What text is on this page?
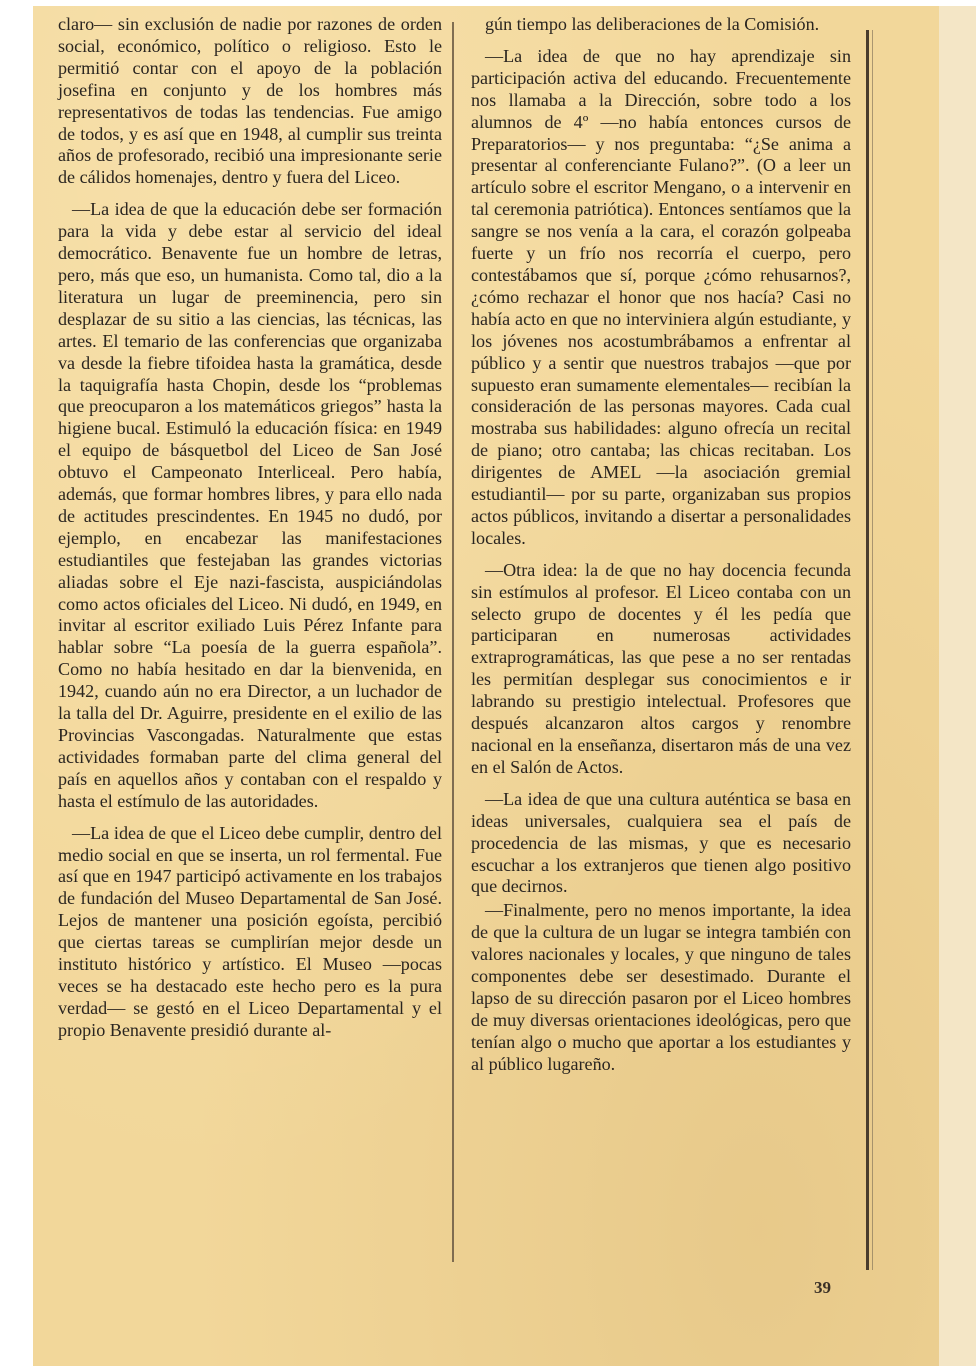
claro— sin exclusión de nadie por razones de orden social, económico, político o religioso. Esto le permitió contar con el apoyo de la población josefina en conjunto y de los hombres más representativos de todas las tendencias. Fue amigo de todos, y es así que en 1948, al cumplir sus treinta años de profesorado, recibió una impresionante serie de cálidos homenajes, dentro y fuera del Liceo.

—La idea de que la educación debe ser formación para la vida y debe estar al servicio del ideal democrático. Benavente fue un hombre de letras, pero, más que eso, un humanista. Como tal, dio a la literatura un lugar de preeminencia, pero sin desplazar de su sitio a las ciencias, las técnicas, las artes. El temario de las conferencias que organizaba va desde la fiebre tifoidea hasta la gramática, desde la taquigrafía hasta Chopin, desde los “problemas que preocuparon a los matemáticos griegos” hasta la higiene bucal. Estimuló la educación física: en 1949 el equipo de básquetbol del Liceo de San José obtuvo el Campeonato Interliceal. Pero había, además, que formar hombres libres, y para ello nada de actitudes prescindentes. En 1945 no dudó, por ejemplo, en encabezar las manifestaciones estudiantiles que festejaban las grandes victorias aliadas sobre el Eje nazi-fascista, auspiciándolas como actos oficiales del Liceo. Ni dudó, en 1949, en invitar al escritor exiliado Luis Pérez Infante para hablar sobre “La poesía de la guerra española”. Como no había hesitado en dar la bienvenida, en 1942, cuando aún no era Director, a un luchador de la talla del Dr. Aguirre, presidente en el exilio de las Provincias Vascongadas. Naturalmente que estas actividades formaban parte del clima general del país en aquellos años y contaban con el respaldo y hasta el estímulo de las autoridades.

—La idea de que el Liceo debe cumplir, dentro del medio social en que se inserta, un rol fermental. Fue así que en 1947 participó activamente en los trabajos de fundación del Museo Departamental de San José. Lejos de mantener una posición egoísta, percibió que ciertas tareas se cumplirían mejor desde un instituto histórico y artístico. El Museo —pocas veces se ha destacado este hecho pero es la pura verdad— se gestó en el Liceo Departamental y el propio Benavente presidió durante al-

gún tiempo las deliberaciones de la Comisión.

—La idea de que no hay aprendizaje sin participación activa del educando. Frecuentemente nos llamaba a la Dirección, sobre todo a los alumnos de 4º —no había entonces cursos de Preparatorios— y nos preguntaba: “¿Se anima a presentar al conferenciante Fulano?”. (O a leer un artículo sobre el escritor Mengano, o a intervenir en tal ceremonia patriótica). Entonces sentíamos que la sangre se nos venía a la cara, el corazón golpeaba fuerte y un frío nos recorría el cuerpo, pero contestábamos que sí, porque ¿cómo rehusarnos?, ¿cómo rechazar el honor que nos hacía? Casi no había acto en que no interviniera algún estudiante, y los jóvenes nos acostumbrábamos a enfrentar al público y a sentir que nuestros trabajos —que por supuesto eran sumamente elementales— recibían la consideración de las personas mayores. Cada cual mostraba sus habilidades: alguno ofrecía un recital de piano; otro cantaba; las chicas recitaban. Los dirigentes de AMEL —la asociación gremial estudiantil— por su parte, organizaban sus propios actos públicos, invitando a disertar a personalidades locales.

—Otra idea: la de que no hay docencia fecunda sin estímulos al profesor. El Liceo contaba con un selecto grupo de docentes y él les pedía que participaran en numerosas actividades extraprogramáticas, las que pese a no ser rentadas les permitían desplegar sus conocimientos e ir labrando su prestigio intelectual. Profesores que después alcanzaron altos cargos y renombre nacional en la enseñanza, disertaron más de una vez en el Salón de Actos.

—La idea de que una cultura auténtica se basa en ideas universales, cualquiera sea el país de procedencia de las mismas, y que es necesario escuchar a los extranjeros que tienen algo positivo que decirnos.

—Finalmente, pero no menos importante, la idea de que la cultura de un lugar se integra también con valores nacionales y locales, y que ninguno de tales componentes debe ser desestimado. Durante el lapso de su dirección pasaron por el Liceo hombres de muy diversas orientaciones ideológicas, pero que tenían algo o mucho que aportar a los estudiantes y al público lugareño.

39
